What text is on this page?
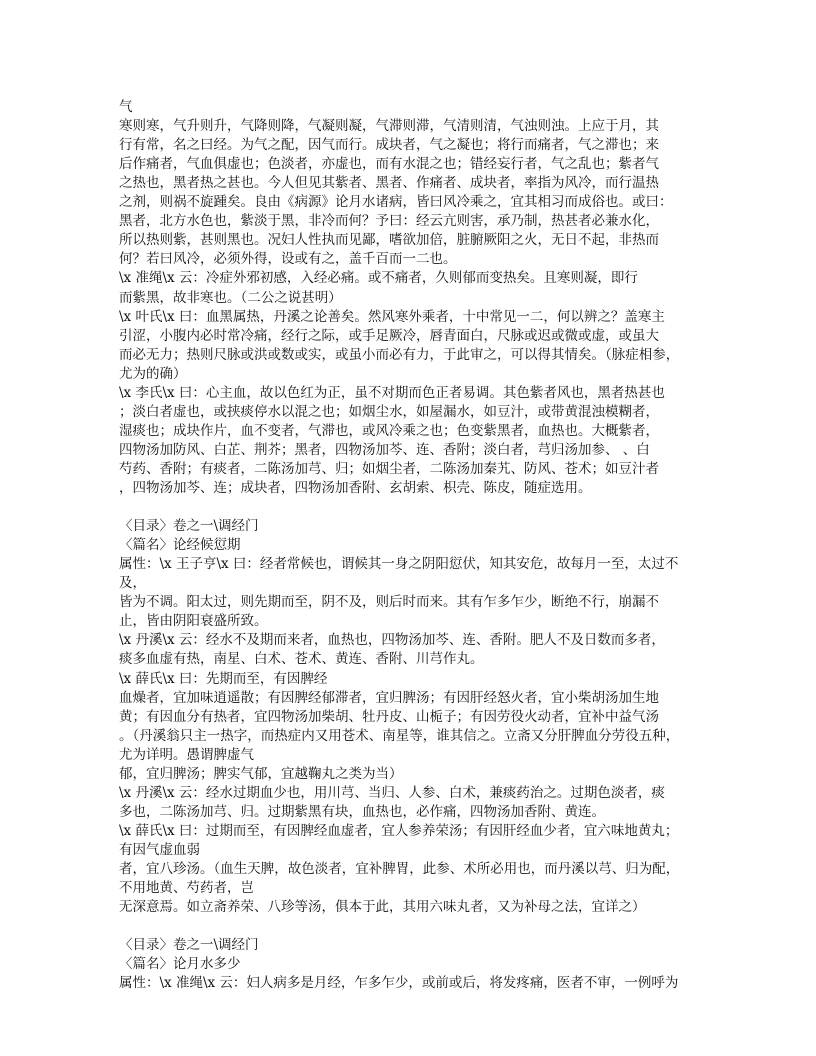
气
寒则寒，气升则升，气降则降，气凝则凝，气滞则滞，气清则清，气浊则浊。上应于月，其
行有常，名之曰经。为气之配，因气而行。成块者，气之凝也；将行而痛者，气之滞也；来
后作痛者，气血俱虚也；色淡者，亦虚也，而有水混之也；错经妄行者，气之乱也；紫者气
之热也，黑者热之甚也。今人但见其紫者、黑者、作痛者、成块者，率指为风冷，而行温热
之剂，则祸不旋踵矣。良由《病源》论月水诸病，皆曰风冷乘之，宜其相习而成俗也。或曰：
黑者，北方水色也，紫淡于黑，非冷而何？予曰：经云亢则害，承乃制，热甚者必兼水化，
所以热则紫，甚则黑也。况妇人性执而见鄙，嗜欲加倍，脏腑厥阳之火，无日不起，非热而
何？若曰风冷，必须外得，设或有之，盖千百而一二也。
\x 准绳\x 云：冷症外邪初感，入经必痛。或不痛者，久则郁而变热矣。且寒则凝，即行
而紫黑，故非寒也。（二公之说甚明）
\x 叶氏\x 曰：血黑属热，丹溪之论善矣。然风寒外乘者，十中常见一二，何以辨之？盖寒主
引涩，小腹内必时常冷痛，经行之际，或手足厥冷，唇青面白，尺脉或迟或微或虚，或虽大
而必无力；热则尺脉或洪或数或实，或虽小而必有力，于此审之，可以得其情矣。（脉症相参，
尤为的确）
\x 李氏\x 曰：心主血，故以色红为正，虽不对期而色正者易调。其色紫者风也，黑者热甚也
；淡白者虚也，或挟痰停水以混之也；如烟尘水，如屋漏水，如豆汁，或带黄混浊模糊者，
湿痰也；成块作片，血不变者，气滞也，或风冷乘之也；色变紫黑者，血热也。大概紫者，
四物汤加防风、白芷、荆芥；黑者，四物汤加芩、连、香附；淡白者，芎归汤加参、 、白
芍药、香附；有痰者，二陈汤加芎、归；如烟尘者，二陈汤加秦艽、防风、苍术；如豆汁者
，四物汤加芩、连；成块者，四物汤加香附、玄胡索、枳壳、陈皮，随症选用。
〈目录〉卷之一\调经门
〈篇名〉论经候愆期
属性：\x 王子亨\x 曰：经者常候也，谓候其一身之阴阳愆伏，知其安危，故每月一至，太过不
及，
皆为不调。阳太过，则先期而至，阴不及，则后时而来。其有乍多乍少，断绝不行，崩漏不
止，皆由阴阳衰盛所致。
\x 丹溪\x 云：经水不及期而来者，血热也，四物汤加芩、连、香附。肥人不及日数而多者，
痰多血虚有热，南星、白术、苍术、黄连、香附、川芎作丸。
\x 薛氏\x 曰：先期而至，有因脾经
血燥者，宜加味逍遥散；有因脾经郁滞者，宜归脾汤；有因肝经怒火者，宜小柴胡汤加生地
黄；有因血分有热者，宜四物汤加柴胡、牡丹皮、山栀子；有因劳役火动者，宜补中益气汤
。（丹溪翁只主一热字，而热症内又用苍术、南星等，谁其信之。立斋又分肝脾血分劳役五种，
尤为详明。愚谓脾虚气
郁，宜归脾汤；脾实气郁，宜越鞠丸之类为当）
\x 丹溪\x 云：经水过期血少也，用川芎、当归、人参、白术，兼痰药治之。过期色淡者，痰
多也，二陈汤加芎、归。过期紫黑有块，血热也，必作痛，四物汤加香附、黄连。
\x 薛氏\x 曰：过期而至，有因脾经血虚者，宜人参养荣汤；有因肝经血少者，宜六味地黄丸；
有因气虚血弱
者，宜八珍汤。（血生天脾，故色淡者，宜补脾胃，此参、术所必用也，而丹溪以芎、归为配，
不用地黄、芍药者，岂
无深意焉。如立斋养荣、八珍等汤，俱本于此，其用六味丸者，又为补母之法，宜详之）
〈目录〉卷之一\调经门
〈篇名〉论月水多少
属性：\x 准绳\x 云：妇人病多是月经，乍多乍少，或前或后，将发疼痛，医者不审，一例呼为
